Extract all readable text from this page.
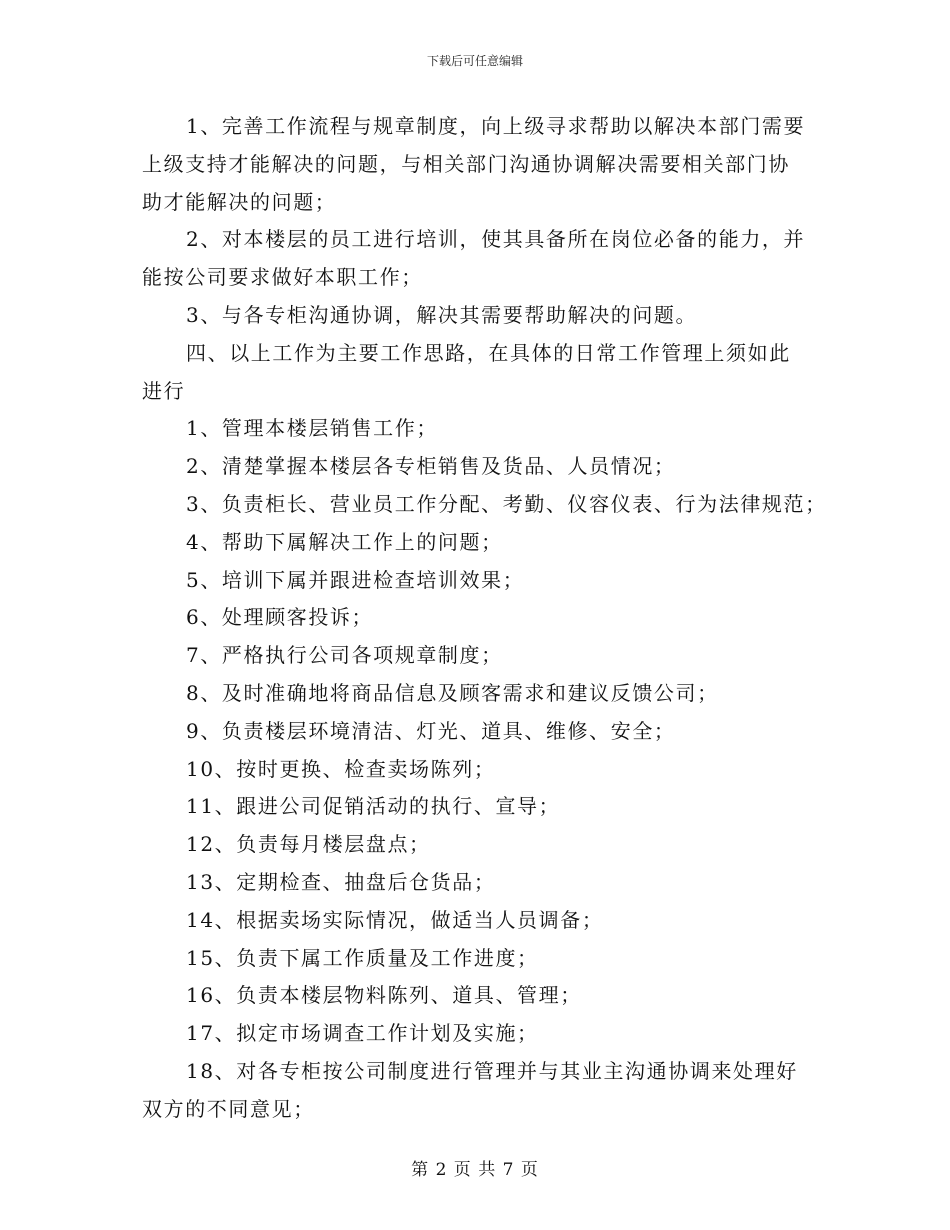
下载后可任意编辑

1、完善工作流程与规章制度，向上级寻求帮助以解决本部门需要
上级支持才能解决的问题，与相关部门沟通协调解决需要相关部门协
助才能解决的问题；

2、对本楼层的员工进行培训，使其具备所在岗位必备的能力，并
能按公司要求做好本职工作；

3、与各专柜沟通协调，解决其需要帮助解决的问题。

四、以上工作为主要工作思路，在具体的日常工作管理上须如此
进行

1、管理本楼层销售工作；

2、清楚掌握本楼层各专柜销售及货品、人员情况；

3、负责柜长、营业员工作分配、考勤、仪容仪表、行为法律规范；

4、帮助下属解决工作上的问题；

5、培训下属并跟进检查培训效果；

6、处理顾客投诉；

7、严格执行公司各项规章制度；

8、及时准确地将商品信息及顾客需求和建议反馈公司；

9、负责楼层环境清洁、灯光、道具、维修、安全；

10、按时更换、检查卖场陈列；

11、跟进公司促销活动的执行、宣导；

12、负责每月楼层盘点；

13、定期检查、抽盘后仓货品；

14、根据卖场实际情况，做适当人员调备；

15、负责下属工作质量及工作进度；

16、负责本楼层物料陈列、道具、管理；

17、拟定市场调查工作计划及实施；

18、对各专柜按公司制度进行管理并与其业主沟通协调来处理好
双方的不同意见；

第 2 页 共 7 页
